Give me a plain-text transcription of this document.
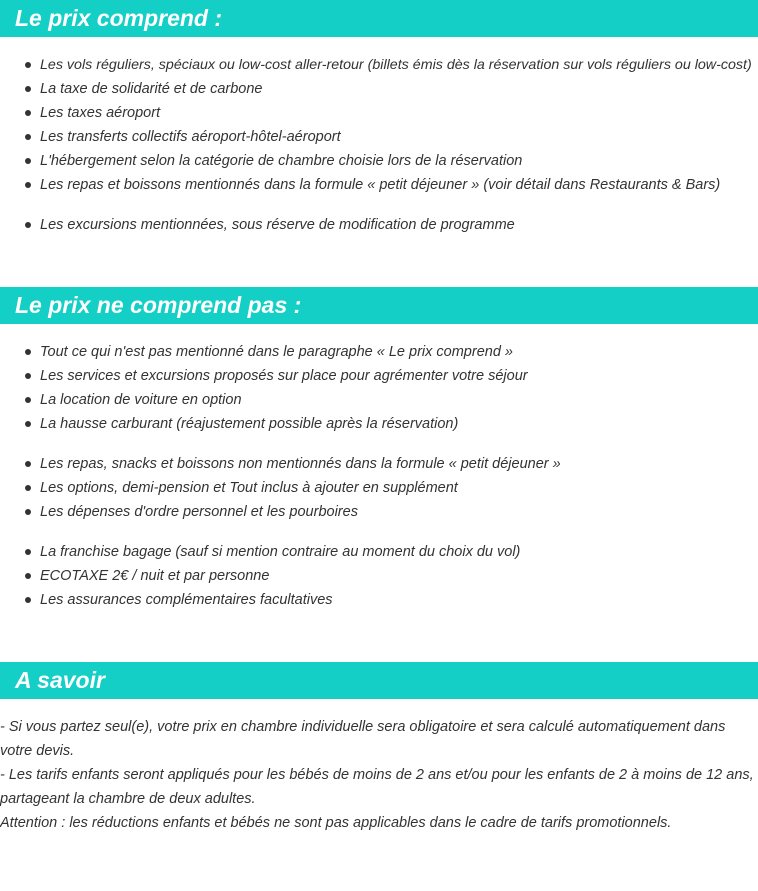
Le prix comprend :
Les vols réguliers, spéciaux ou low-cost aller-retour (billets émis dès la réservation sur vols réguliers ou low-cost)
La taxe de solidarité et de carbone
Les taxes aéroport
Les transferts collectifs aéroport-hôtel-aéroport
L'hébergement selon la catégorie de chambre choisie lors de la réservation
Les repas et boissons mentionnés dans la formule « petit déjeuner » (voir détail dans Restaurants & Bars)
Les excursions mentionnées, sous réserve de modification de programme
Le prix ne comprend pas :
Tout ce qui n'est pas mentionné dans le paragraphe « Le prix comprend »
Les services et excursions proposés sur place pour agrémenter votre séjour
La location de voiture en option
La hausse carburant (réajustement possible après la réservation)
Les repas, snacks et boissons non mentionnés dans la formule « petit déjeuner »
Les options, demi-pension et Tout inclus à ajouter en supplément
Les dépenses d'ordre personnel et les pourboires
La franchise bagage (sauf si mention contraire au moment du choix du vol)
ECOTAXE 2€ / nuit et par personne
Les assurances complémentaires facultatives
A savoir
- Si vous partez seul(e), votre prix en chambre individuelle sera obligatoire et sera calculé automatiquement dans votre devis.
- Les tarifs enfants seront appliqués pour les bébés de moins de 2 ans et/ou pour les enfants de 2 à moins de 12 ans, partageant la chambre de deux adultes.
Attention : les réductions enfants et bébés ne sont pas applicables dans le cadre de tarifs promotionnels.
